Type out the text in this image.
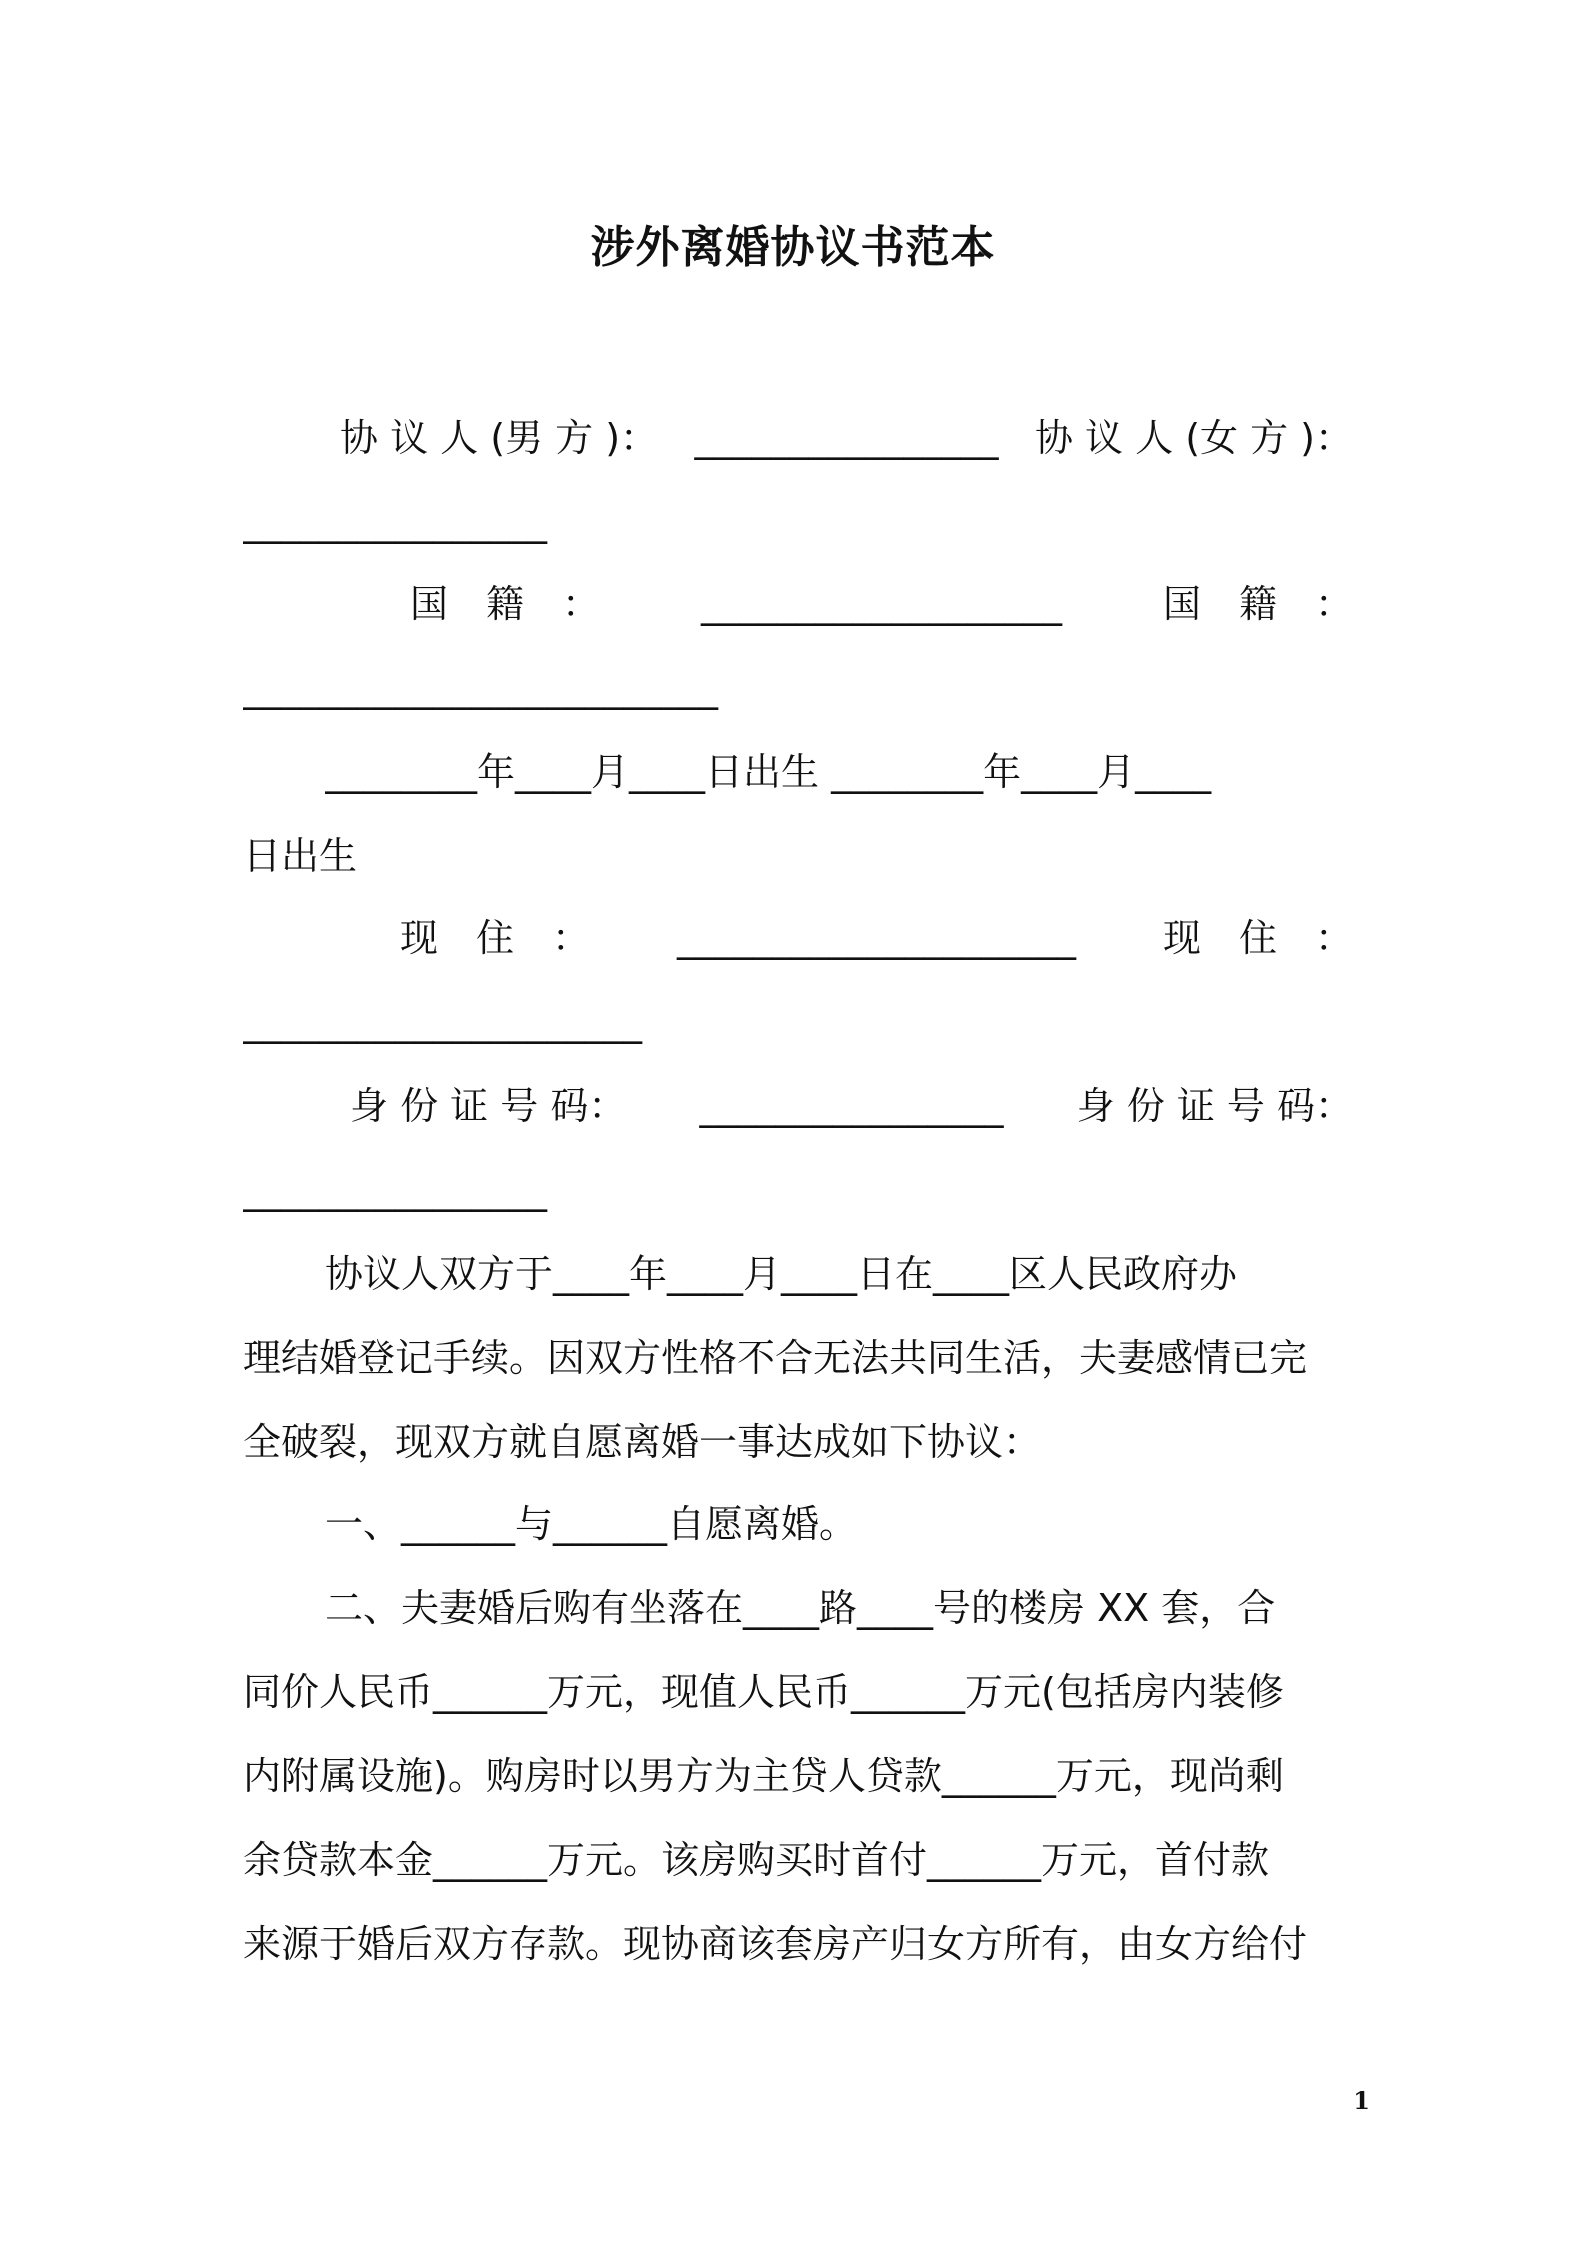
涉外离婚协议书范本
协 议 人 (男 方 )： ________________ 协 议 人 (女 方 )：
________________
国　籍　：	___________________	国　籍　：
_________________________
________年____月____日出生 ________年____月____
日出生
现　住　： _____________________ 现　住　：
_____________________
身 份 证 号 码： ________________ 身 份 证 号 码：
________________
协议人双方于____年____月____日在____区人民政府办
理结婚登记手续。因双方性格不合无法共同生活，夫妻感情已完
全破裂，现双方就自愿离婚一事达成如下协议：
一、______与______自愿离婚。
二、夫妻婚后购有坐落在____路____号的楼房 XX 套，合
同价人民币______万元，现值人民币______万元(包括房内装修
内附属设施)。购房时以男方为主贷人贷款______万元，现尚剩
余贷款本金______万元。该房购买时首付______万元，首付款
来源于婚后双方存款。现协商该套房产归女方所有，由女方给付
1
